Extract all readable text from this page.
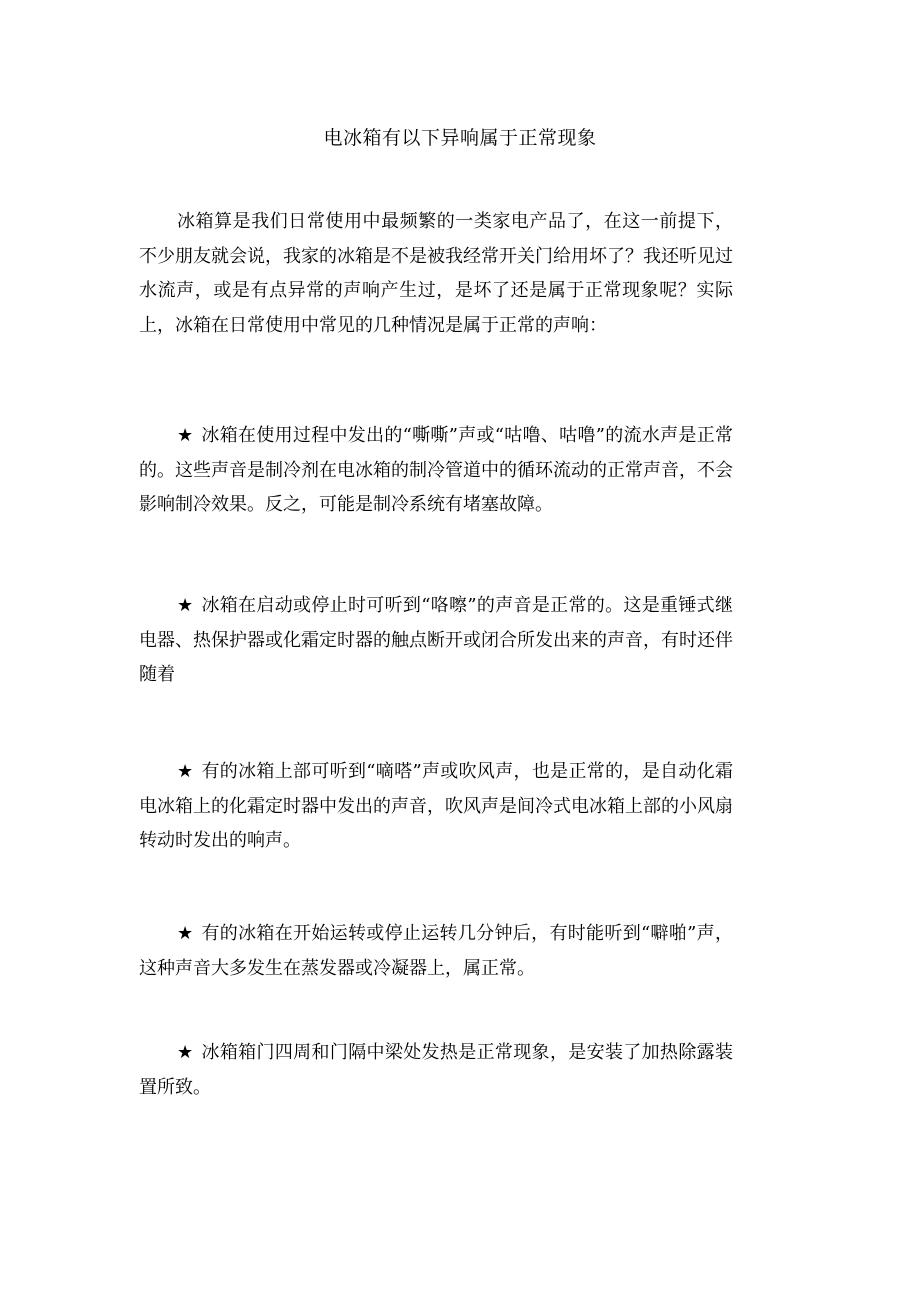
电冰箱有以下异响属于正常现象

冰箱算是我们日常使用中最频繁的一类家电产品了，在这一前提下，不少朋友就会说，我家的冰箱是不是被我经常开关门给用坏了？我还听见过水流声，或是有点异常的声响产生过，是坏了还是属于正常现象呢？实际上，冰箱在日常使用中常见的几种情况是属于正常的声响：

★ 冰箱在使用过程中发出的“嘶嘶”声或“咕噜、咕噜”的流水声是正常的。这些声音是制冷剂在电冰箱的制冷管道中的循环流动的正常声音，不会影响制冷效果。反之，可能是制冷系统有堵塞故障。

★ 冰箱在启动或停止时可听到“咯嚓”的声音是正常的。这是重锤式继电器、热保护器或化霜定时器的触点断开或闭合所发出来的声音，有时还伴随着

★ 有的冰箱上部可听到“嘀嗒”声或吹风声，也是正常的，是自动化霜电冰箱上的化霜定时器中发出的声音，吹风声是间冷式电冰箱上部的小风扇转动时发出的响声。

★ 有的冰箱在开始运转或停止运转几分钟后，有时能听到“噼啪”声，这种声音大多发生在蒸发器或冷凝器上，属正常。

★ 冰箱箱门四周和门隔中梁处发热是正常现象，是安装了加热除露装置所致。
